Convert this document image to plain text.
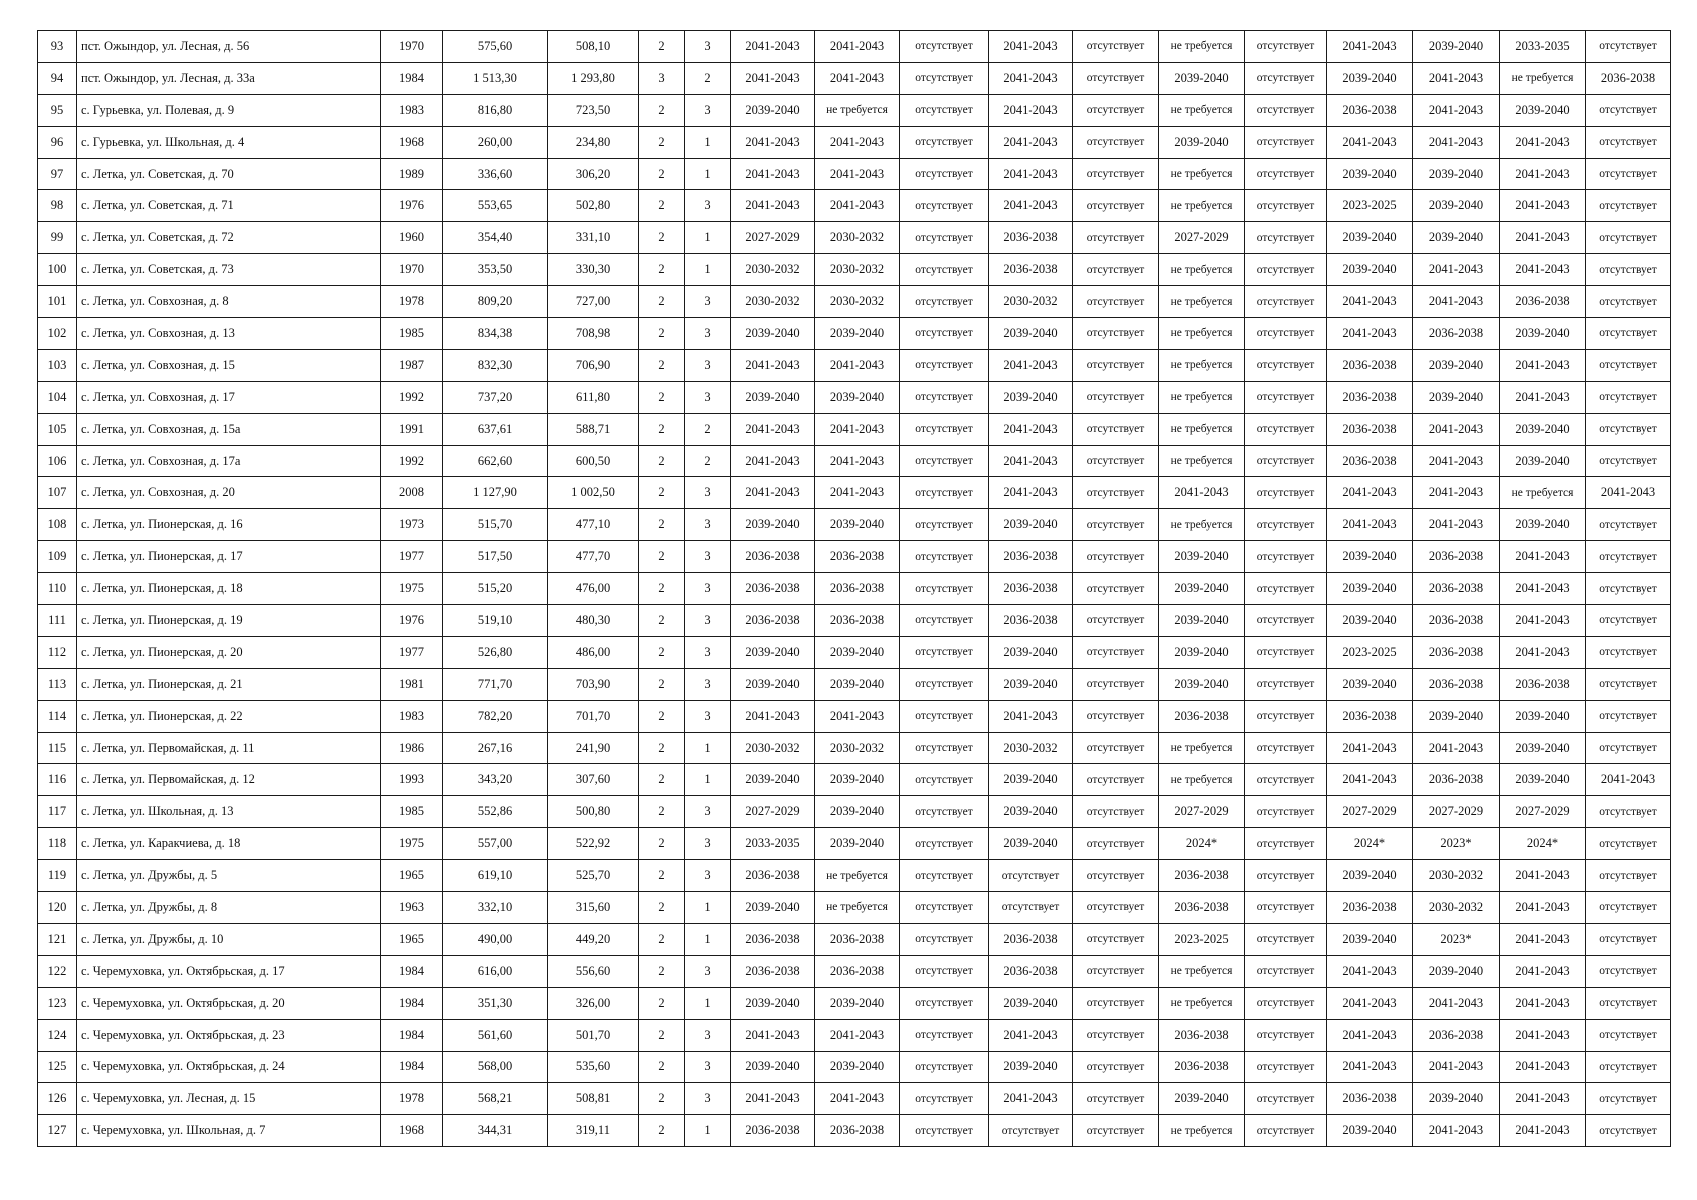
93	пст. Ожындор, ул. Лесная, д. 56	1970	575,60	508,10	2	3	2041-2043	2041-2043	отсутствует	2041-2043	отсутствует	не требуется	отсутствует	2041-2043	2039-2040	2033-2035	отсутствует
94	пст. Ожындор, ул. Лесная, д. 33а	1984	1 513,30	1 293,80	3	2	2041-2043	2041-2043	отсутствует	2041-2043	отсутствует	2039-2040	отсутствует	2039-2040	2041-2043	не требуется	2036-2038
95	с. Гурьевка, ул. Полевая, д. 9	1983	816,80	723,50	2	3	2039-2040	не требуется	отсутствует	2041-2043	отсутствует	не требуется	отсутствует	2036-2038	2041-2043	2039-2040	отсутствует
96	с. Гурьевка, ул. Школьная, д. 4	1968	260,00	234,80	2	1	2041-2043	2041-2043	отсутствует	2041-2043	отсутствует	2039-2040	отсутствует	2041-2043	2041-2043	2041-2043	отсутствует
97	с. Летка, ул. Советская, д. 70	1989	336,60	306,20	2	1	2041-2043	2041-2043	отсутствует	2041-2043	отсутствует	не требуется	отсутствует	2039-2040	2039-2040	2041-2043	отсутствует
98	с. Летка, ул. Советская, д. 71	1976	553,65	502,80	2	3	2041-2043	2041-2043	отсутствует	2041-2043	отсутствует	не требуется	отсутствует	2023-2025	2039-2040	2041-2043	отсутствует
99	с. Летка, ул. Советская, д. 72	1960	354,40	331,10	2	1	2027-2029	2030-2032	отсутствует	2036-2038	отсутствует	2027-2029	отсутствует	2039-2040	2039-2040	2041-2043	отсутствует
100	с. Летка, ул. Советская, д. 73	1970	353,50	330,30	2	1	2030-2032	2030-2032	отсутствует	2036-2038	отсутствует	не требуется	отсутствует	2039-2040	2041-2043	2041-2043	отсутствует
101	с. Летка, ул. Совхозная, д. 8	1978	809,20	727,00	2	3	2030-2032	2030-2032	отсутствует	2030-2032	отсутствует	не требуется	отсутствует	2041-2043	2041-2043	2036-2038	отсутствует
102	с. Летка, ул. Совхозная, д. 13	1985	834,38	708,98	2	3	2039-2040	2039-2040	отсутствует	2039-2040	отсутствует	не требуется	отсутствует	2041-2043	2036-2038	2039-2040	отсутствует
103	с. Летка, ул. Совхозная, д. 15	1987	832,30	706,90	2	3	2041-2043	2041-2043	отсутствует	2041-2043	отсутствует	не требуется	отсутствует	2036-2038	2039-2040	2041-2043	отсутствует
104	с. Летка, ул. Совхозная, д. 17	1992	737,20	611,80	2	3	2039-2040	2039-2040	отсутствует	2039-2040	отсутствует	не требуется	отсутствует	2036-2038	2039-2040	2041-2043	отсутствует
105	с. Летка, ул. Совхозная, д. 15а	1991	637,61	588,71	2	2	2041-2043	2041-2043	отсутствует	2041-2043	отсутствует	не требуется	отсутствует	2036-2038	2041-2043	2039-2040	отсутствует
106	с. Летка, ул. Совхозная, д. 17а	1992	662,60	600,50	2	2	2041-2043	2041-2043	отсутствует	2041-2043	отсутствует	не требуется	отсутствует	2036-2038	2041-2043	2039-2040	отсутствует
107	с. Летка, ул. Совхозная, д. 20	2008	1 127,90	1 002,50	2	3	2041-2043	2041-2043	отсутствует	2041-2043	отсутствует	2041-2043	отсутствует	2041-2043	2041-2043	не требуется	2041-2043
108	с. Летка, ул. Пионерская, д. 16	1973	515,70	477,10	2	3	2039-2040	2039-2040	отсутствует	2039-2040	отсутствует	не требуется	отсутствует	2041-2043	2041-2043	2039-2040	отсутствует
109	с. Летка, ул. Пионерская, д. 17	1977	517,50	477,70	2	3	2036-2038	2036-2038	отсутствует	2036-2038	отсутствует	2039-2040	отсутствует	2039-2040	2036-2038	2041-2043	отсутствует
110	с. Летка, ул. Пионерская, д. 18	1975	515,20	476,00	2	3	2036-2038	2036-2038	отсутствует	2036-2038	отсутствует	2039-2040	отсутствует	2039-2040	2036-2038	2041-2043	отсутствует
111	с. Летка, ул. Пионерская, д. 19	1976	519,10	480,30	2	3	2036-2038	2036-2038	отсутствует	2036-2038	отсутствует	2039-2040	отсутствует	2039-2040	2036-2038	2041-2043	отсутствует
112	с. Летка, ул. Пионерская, д. 20	1977	526,80	486,00	2	3	2039-2040	2039-2040	отсутствует	2039-2040	отсутствует	2039-2040	отсутствует	2023-2025	2036-2038	2041-2043	отсутствует
113	с. Летка, ул. Пионерская, д. 21	1981	771,70	703,90	2	3	2039-2040	2039-2040	отсутствует	2039-2040	отсутствует	2039-2040	отсутствует	2039-2040	2036-2038	2036-2038	отсутствует
114	с. Летка, ул. Пионерская, д. 22	1983	782,20	701,70	2	3	2041-2043	2041-2043	отсутствует	2041-2043	отсутствует	2036-2038	отсутствует	2036-2038	2039-2040	2039-2040	отсутствует
115	с. Летка, ул. Первомайская, д. 11	1986	267,16	241,90	2	1	2030-2032	2030-2032	отсутствует	2030-2032	отсутствует	не требуется	отсутствует	2041-2043	2041-2043	2039-2040	отсутствует
116	с. Летка, ул. Первомайская, д. 12	1993	343,20	307,60	2	1	2039-2040	2039-2040	отсутствует	2039-2040	отсутствует	не требуется	отсутствует	2041-2043	2036-2038	2039-2040	2041-2043
117	с. Летка, ул. Школьная, д. 13	1985	552,86	500,80	2	3	2027-2029	2039-2040	отсутствует	2039-2040	отсутствует	2027-2029	отсутствует	2027-2029	2027-2029	2027-2029	отсутствует
118	с. Летка, ул. Каракчиева, д. 18	1975	557,00	522,92	2	3	2033-2035	2039-2040	отсутствует	2039-2040	отсутствует	2024*	отсутствует	2024*	2023*	2024*	отсутствует
119	с. Летка, ул. Дружбы, д. 5	1965	619,10	525,70	2	3	2036-2038	не требуется	отсутствует	отсутствует	отсутствует	2036-2038	отсутствует	2039-2040	2030-2032	2041-2043	отсутствует
120	с. Летка, ул. Дружбы, д. 8	1963	332,10	315,60	2	1	2039-2040	не требуется	отсутствует	отсутствует	отсутствует	2036-2038	отсутствует	2036-2038	2030-2032	2041-2043	отсутствует
121	с. Летка, ул. Дружбы, д. 10	1965	490,00	449,20	2	1	2036-2038	2036-2038	отсутствует	2036-2038	отсутствует	2023-2025	отсутствует	2039-2040	2023*	2041-2043	отсутствует
122	с. Черемуховка, ул. Октябрьская, д. 17	1984	616,00	556,60	2	3	2036-2038	2036-2038	отсутствует	2036-2038	отсутствует	не требуется	отсутствует	2041-2043	2039-2040	2041-2043	отсутствует
123	с. Черемуховка, ул. Октябрьская, д. 20	1984	351,30	326,00	2	1	2039-2040	2039-2040	отсутствует	2039-2040	отсутствует	не требуется	отсутствует	2041-2043	2041-2043	2041-2043	отсутствует
124	с. Черемуховка, ул. Октябрьская, д. 23	1984	561,60	501,70	2	3	2041-2043	2041-2043	отсутствует	2041-2043	отсутствует	2036-2038	отсутствует	2041-2043	2036-2038	2041-2043	отсутствует
125	с. Черемуховка, ул. Октябрьская, д. 24	1984	568,00	535,60	2	3	2039-2040	2039-2040	отсутствует	2039-2040	отсутствует	2036-2038	отсутствует	2041-2043	2041-2043	2041-2043	отсутствует
126	с. Черемуховка, ул. Лесная, д. 15	1978	568,21	508,81	2	3	2041-2043	2041-2043	отсутствует	2041-2043	отсутствует	2039-2040	отсутствует	2036-2038	2039-2040	2041-2043	отсутствует
127	с. Черемуховка, ул. Школьная, д. 7	1968	344,31	319,11	2	1	2036-2038	2036-2038	отсутствует	отсутствует	отсутствует	не требуется	отсутствует	2039-2040	2041-2043	2041-2043	отсутствует
